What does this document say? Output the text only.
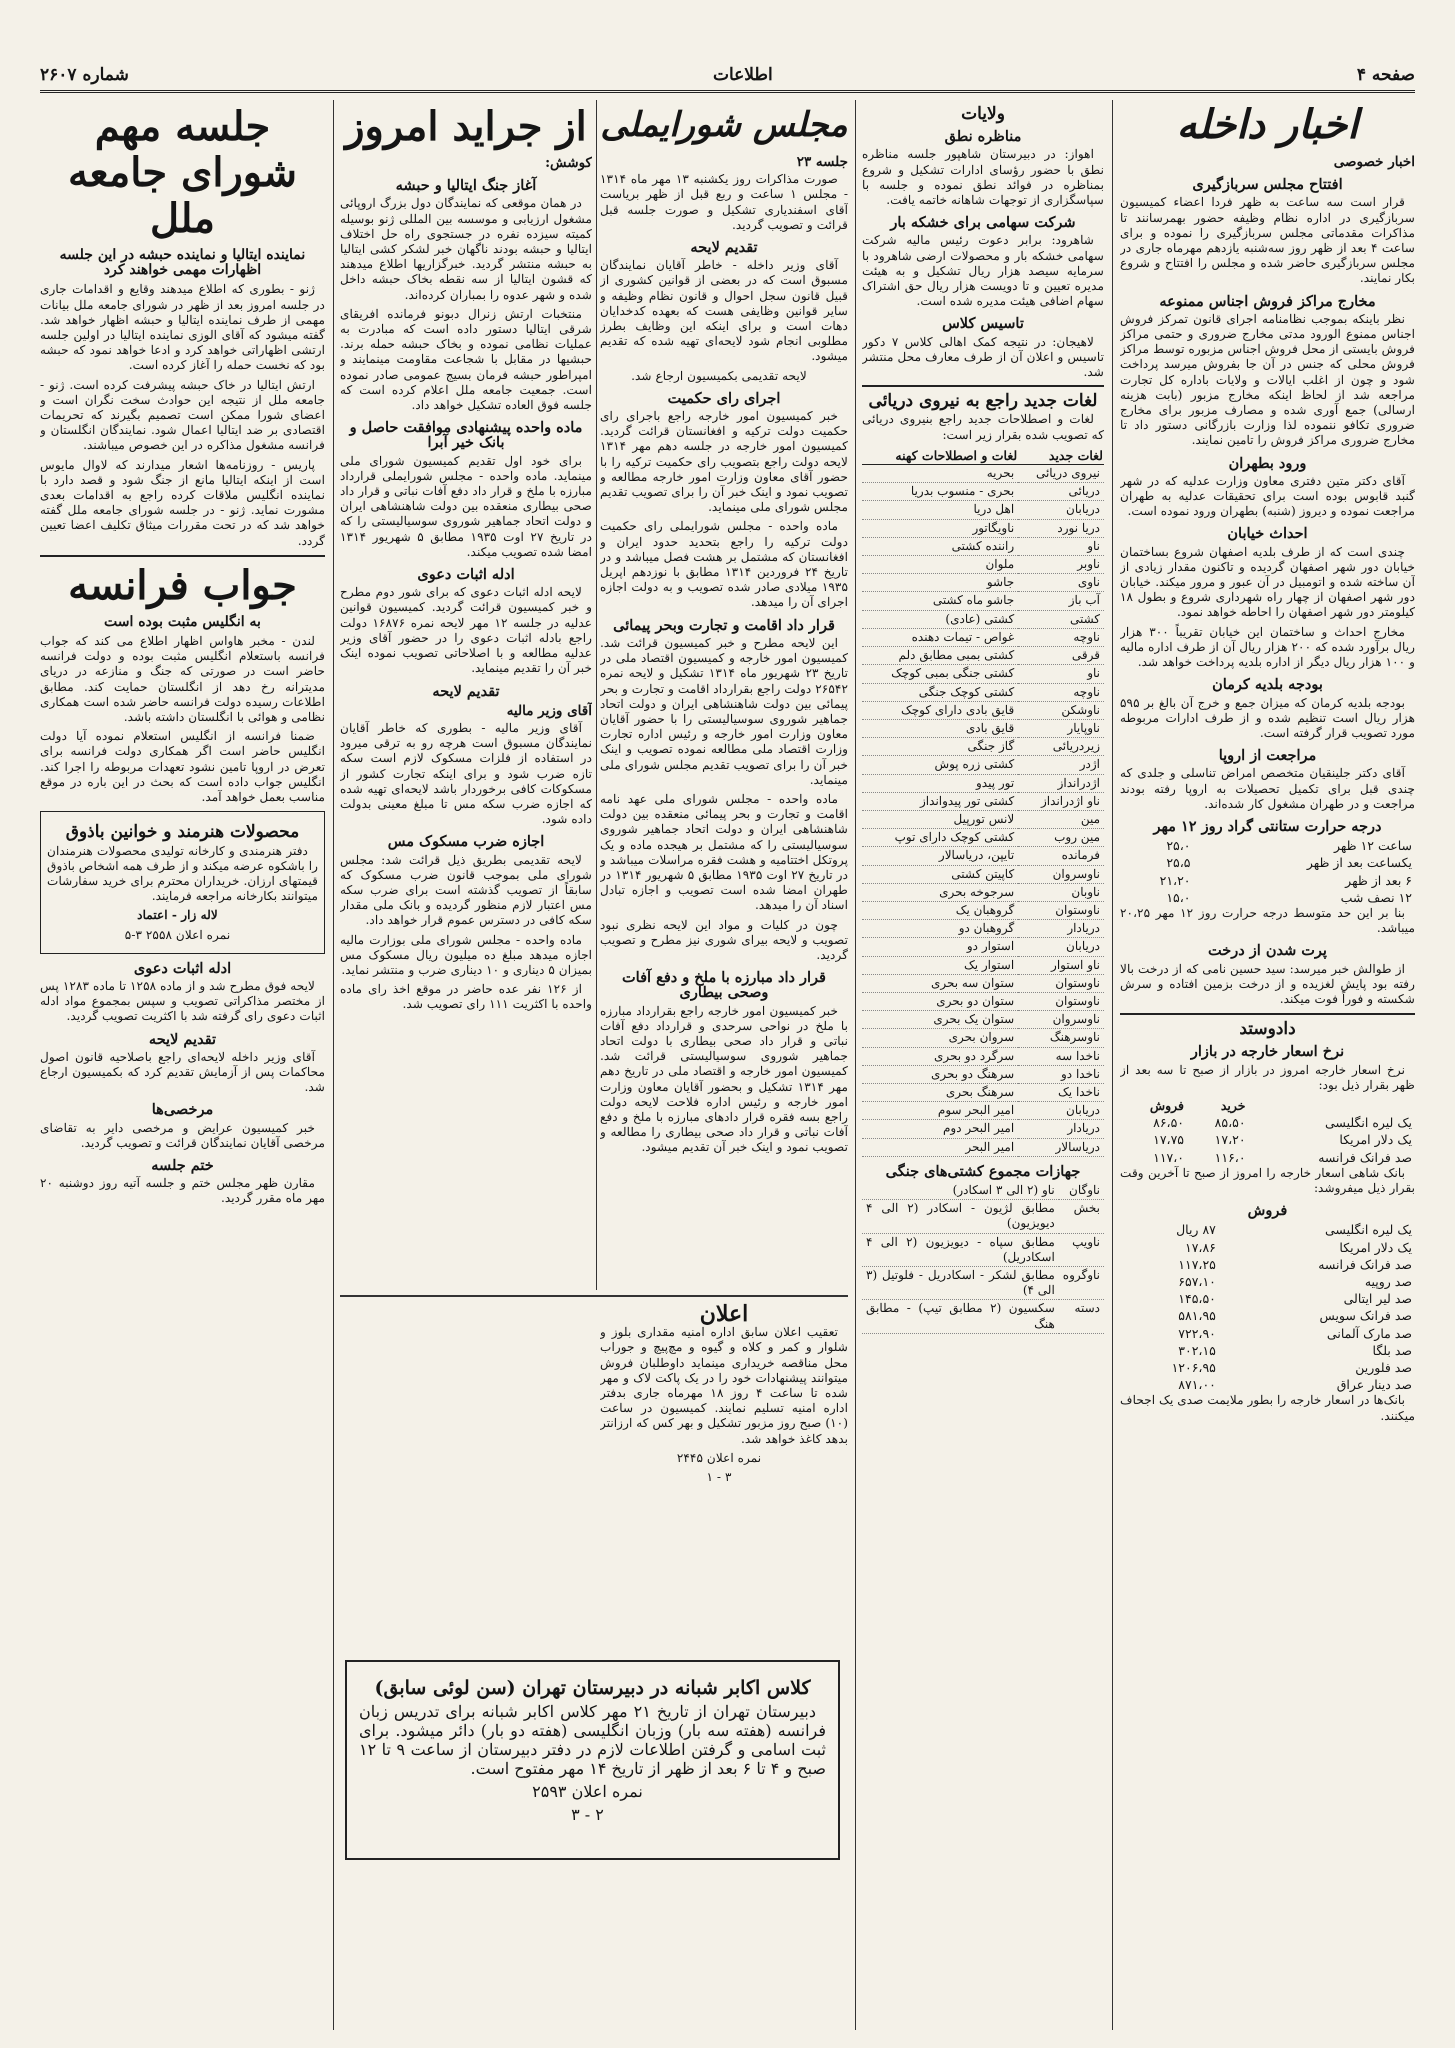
صفحه ۴
اطلاعات
شماره ۲۶۰۷
اخبار داخله
اخبار خصوصی
افتتاح مجلس سربازگیری

قرار است سه ساعت به ظهر فردا اعضاء کمیسیون سربازگیری در اداره نظام وظیفه حضور بهمرسانند تا مذاکرات مقدماتی مجلس سربازگیری را نموده و برای ساعت ۴ بعد از ظهر روز سه‌شنبه یازدهم مهرماه جاری در مجلس سربازگیری حاضر شده و مجلس را افتتاح و شروع بکار نمایند.

مخارج مراکز فروش اجناس ممنوعه

نظر باینکه بموجب نظامنامه اجرای قانون تمرکز فروش اجناس ممنوع الورود مدتی مخارج ضروری و حتمی مراکز فروش بایستی از محل فروش اجناس مزبوره توسط مراکز فروش محلی که جنس در آن جا بفروش میرسد پرداخت شود و چون از اغلب ایالات و ولایات باداره کل تجارت مراجعه شد از لحاظ اینکه مخارج مزبور (بابت هزینه ارسالی) جمع آوری شده و مصارف مزبور برای مخارج ضروری تکافو ننموده لذا وزارت بازرگانی دستور داد تا مخارج ضروری مراکز فروش را تامین نمایند.

ورود بطهران

آقای دکتر متین دفتری معاون وزارت عدلیه که در شهر گنبد قابوس بوده است برای تحقیقات عدلیه به طهران مراجعت نموده و دیروز (شنبه) بطهران ورود نموده است.

احداث خیابان

چندی است که از طرف بلدیه اصفهان شروع بساختمان خیابان دور شهر اصفهان گردیده و تاکنون مقدار زیادی از آن ساخته شده و اتومبیل در آن عبور و مرور میکند. خیابان دور شهر اصفهان از چهار راه شهرداری شروع و بطول ۱۸ کیلومتر دور شهر اصفهان را احاطه خواهد نمود.

مخارج احداث و ساختمان این خیابان تقریباً ۳۰۰ هزار ریال برآورد شده که ۲۰۰ هزار ریال آن از طرف اداره مالیه و ۱۰۰ هزار ریال دیگر از اداره بلدیه پرداخت خواهد شد.

بودجه بلدیه کرمان

بودجه بلدیه کرمان که میزان جمع و خرج آن بالغ بر ۵۹۵ هزار ریال است تنظیم شده و از طرف ادارات مربوطه مورد تصویب قرار گرفته است.

مراجعت از اروپا

آقای دکتر جلینقیان متخصص امراض تناسلی و جلدی که چندی قبل برای تکمیل تحصیلات به اروپا رفته بودند مراجعت و در طهران مشغول کار شده‌اند.

درجه حرارت ستانتی گراد روز ۱۲ مهر
ساعت ۱۲ ظهر	۲۵،۰
یکساعت بعد از ظهر	۲۵،۵
۶ بعد از ظهر	۲۱،۲۰
۱۲ نصف شب	۱۵،۰

بنا بر این حد متوسط درجه حرارت روز ۱۲ مهر ۲۰،۲۵ میباشد.

پرت شدن از درخت

از طوالش خبر میرسد: سید حسین نامی که از درخت بالا رفته بود پایش لغزیده و از درخت بزمین افتاده و سرش شکسته و فوراً فوت میکند.

دادوستد
نرخ اسعار خارجه در بازار

نرخ اسعار خارجه امروز در بازار از صبح تا سه بعد از ظهر بقرار ذیل بود:

	خرید	فروش
یک لیره انگلیسی	۸۵،۵۰	۸۶،۵۰
یک دلار امریکا	۱۷،۲۰	۱۷،۷۵
صد فرانک فرانسه	۱۱۶،۰	۱۱۷،۰

بانک شاهی اسعار خارجه را امروز از صبح تا آخرین وقت بقرار ذیل میفروشد:

فروش
یک لیره انگلیسی	۸۷ ریال
یک دلار امریکا	۱۷،۸۶
صد فرانک فرانسه	۱۱۷،۲۵
صد روپیه	۶۵۷،۱۰
صد لیر ایتالی	۱۴۵،۵۰
صد فرانک سویس	۵۸۱،۹۵
صد مارک آلمانی	۷۲۲،۹۰
صد بلگا	۳۰۲،۱۵
صد فلورین	۱۲۰۶،۹۵
صد دینار عراق	۸۷۱،۰۰

بانک‌ها در اسعار خارجه را بطور ملایمت صدی یک اجحاف میکنند.

ولایات
مناظره نطق

اهواز: در دبیرستان شاهپور جلسه مناظره نطق با حضور رؤسای ادارات تشکیل و شروع بمناظره در فوائد نطق نموده و جلسه با سپاسگزاری از توجهات شاهانه خاتمه یافت.

شرکت سهامی برای خشکه بار

شاهرود: برابر دعوت رئیس مالیه شرکت سهامی خشکه بار و محصولات ارضی شاهرود با سرمایه سیصد هزار ریال تشکیل و به هیئت مدیره تعیین و تا دویست هزار ریال حق اشتراک سهام اضافی هیئت مدیره شده است.

تاسیس کلاس

لاهیجان: در نتیجه کمک اهالی کلاس ۷ دکور تاسیس و اعلان آن از طرف معارف محل منتشر شد.

لغات جدید راجع به نیروی دریائی

لغات و اصطلاحات جدید راجع بنیروی دریائی که تصویب شده بقرار زیر است:

لغات جدید	لغات و اصطلاحات کهنه
نیروی دریائی	بحریه
دریائی	بحری - منسوب بدریا
دریابان	اهل دریا
دریا نورد	ناویگاتور
ناو	راننده کشتی
ناوبر	ملوان
ناوی	جاشو
آب باز	جاشو ماه کشتی
کشتی	کشتی (عادی)
ناوچه	غواص - تیمات دهنده
قرقی	کشتی بمبی مطابق دلم
ناو	کشتی جنگی بمبی کوچک
ناوچه	کشتی کوچک جنگی
ناوشکن	قایق بادی دارای کوچک
ناوپایار	قایق بادی
زیردریائی	گاز جنگی
اژدر	کشتی زره پوش
اژدرانداز	تور پیدو
ناو اژدرانداز	کشتی تور پیدوانداز
مین	لانس تورپیل
مین روب	کشتی کوچک دارای توپ
فرمانده	تایپن، دریاسالار
ناوسروان	کاپیتن کشتی
ناوبان	سرجوخه بحری
ناوستوان	گروهبان یک
دریادار	گروهبان دو
دریابان	استوار دو
ناو استوار	استوار یک
ناوستوان	ستوان سه بحری
ناوستوان	ستوان دو بحری
ناوسروان	ستوان یک بحری
ناوسرهنگ	سروان بحری
ناخدا سه	سرگرد دو بحری
ناخدا دو	سرهنگ دو بحری
ناخدا یک	سرهنگ بحری
دریابان	امیر البحر سوم
دریادار	امیر البحر دوم
دریاسالار	امیر البحر
جهازات مجموع کشتی‌های جنگی
ناوگان	ناو (۲ الی ۳ اسکادر)
بخش	مطابق لژیون - اسکادر (۲ الی ۴ دیویزیون)
ناویپ	مطابق سپاه - دیویزیون (۲ الی ۴ اسکادریل)
ناوگروه	مطابق لشکر - اسکادریل - فلوتیل (۳ الی ۴)
دسته	سکسیون (۲ مطابق تیپ) - مطابق هنگ
مجلس شورایملی
جلسه ۲۳

صورت مذاکرات روز یکشنبه ۱۳ مهر ماه ۱۳۱۴ - مجلس ۱ ساعت و ربع قبل از ظهر بریاست آقای اسفندیاری تشکیل و صورت جلسه قبل قرائت و تصویب گردید.

تقدیم لایحه

آقای وزیر داخله - خاطر آقایان نمایندگان مسبوق است که در بعضی از قوانین کشوری از قبیل قانون سجل احوال و قانون نظام وظیفه و سایر قوانین وظایفی هست که بعهده کدخدایان دهات است و برای اینکه این وظایف بطرز مطلوبی انجام شود لایحه‌ای تهیه شده که تقدیم میشود.

لایحه تقدیمی بکمیسیون ارجاع شد.

اجرای رای حکمیت

خبر کمیسیون امور خارجه راجع باجرای رای حکمیت دولت ترکیه و افغانستان قرائت گردید. کمیسیون امور خارجه در جلسه دهم مهر ۱۳۱۴ لایحه دولت راجع بتصویب رای حکمیت ترکیه را با حضور آقای معاون وزارت امور خارجه مطالعه و تصویب نمود و اینک خبر آن را برای تصویب تقدیم مجلس شورای ملی مینماید.

ماده واحده - مجلس شورایملی رای حکمیت دولت ترکیه را راجع بتحدید حدود ایران و افغانستان که مشتمل بر هشت فصل میباشد و در تاریخ ۲۴ فروردین ۱۳۱۴ مطابق با نوزدهم اپریل ۱۹۳۵ میلادی صادر شده تصویب و به دولت اجازه اجرای آن را میدهد.

قرار داد اقامت و تجارت وبحر پیمائی

این لایحه مطرح و خبر کمیسیون قرائت شد. کمیسیون امور خارجه و کمیسیون اقتصاد ملی در تاریخ ۲۳ شهریور ماه ۱۳۱۴ تشکیل و لایحه نمره ۲۶۵۴۲ دولت راجع بقرارداد اقامت و تجارت و بحر پیمائی بین دولت شاهنشاهی ایران و دولت اتحاد جماهیر شوروی سوسیالیستی را با حضور آقایان معاون وزارت امور خارجه و رئیس اداره تجارت وزارت اقتصاد ملی مطالعه نموده تصویب و اینک خبر آن را برای تصویب تقدیم مجلس شورای ملی مینماید.

ماده واحده - مجلس شورای ملی عهد نامه اقامت و تجارت و بحر پیمائی منعقده بین دولت شاهنشاهی ایران و دولت اتحاد جماهیر شوروی سوسیالیستی را که مشتمل بر هیجده ماده و یک پروتکل اختتامیه و هشت فقره مراسلات میباشد و در تاریخ ۲۷ اوت ۱۹۳۵ مطابق ۵ شهریور ۱۳۱۴ در طهران امضا شده است تصویب و اجازه تبادل اسناد آن را میدهد.

چون در کلیات و مواد این لایحه نظری نبود تصویب و لایحه بیرای شوری نیز مطرح و تصویب گردید.

قرار داد مبارزه با ملخ و دفع آفات وصحی بیطاری

خبر کمیسیون امور خارجه راجع بقرارداد مبارزه با ملخ در نواحی سرحدی و قرارداد دفع آفات نباتی و قرار داد صحی بیطاری با دولت اتحاد جماهیر شوروی سوسیالیستی قرائت شد. کمیسیون امور خارجه و اقتصاد ملی در تاریخ دهم مهر ۱۳۱۴ تشکیل و بحضور آقایان معاون وزارت امور خارجه و رئیس اداره فلاحت لایحه دولت راجع بسه فقره قرار دادهای مبارزه با ملخ و دفع آفات نباتی و قرار داد صحی بیطاری را مطالعه و تصویب نمود و اینک خبر آن تقدیم میشود.

از جراید امروز
کوشش:
آغاز جنگ ایتالیا و حبشه

در همان موقعی که نمایندگان دول بزرگ اروپائی مشغول ارزیابی و موسسه بین المللی ژنو بوسیله کمیته سیزده نفره در جستجوی راه حل اختلاف ایتالیا و حبشه بودند ناگهان خبر لشکر کشی ایتالیا به حبشه منتشر گردید. خبرگزاریها اطلاع میدهند که قشون ایتالیا از سه نقطه بخاک حبشه داخل شده و شهر عدوه را بمباران کرده‌اند.

منتخبات ارتش زنرال دبونو فرمانده افریقای شرقی ایتالیا دستور داده است که مبادرت به عملیات نظامی نموده و بخاک حبشه حمله برند. حبشیها در مقابل با شجاعت مقاومت مینمایند و امپراطور حبشه فرمان بسیج عمومی صادر نموده است. جمعیت جامعه ملل اعلام کرده است که جلسه فوق العاده تشکیل خواهد داد.

ماده واحده پیشنهادی موافقت حاصل و بانک خیر آبرا

برای خود اول تقدیم کمیسیون شورای ملی مینماید. ماده واحده - مجلس شورایملی قرارداد مبارزه با ملخ و قرار داد دفع آفات نباتی و قرار داد صحی بیطاری منعقده بین دولت شاهنشاهی ایران و دولت اتحاد جماهیر شوروی سوسیالیستی را که در تاریخ ۲۷ اوت ۱۹۳۵ مطابق ۵ شهریور ۱۳۱۴ امضا شده تصویب میکند.

ادله اثبات دعوی

لایحه ادله اثبات دعوی که برای شور دوم مطرح و خبر کمیسیون قرائت گردید. کمیسیون قوانین عدلیه در جلسه ۱۲ مهر لایحه نمره ۱۶۸۷۶ دولت راجع بادله اثبات دعوی را در حضور آقای وزیر عدلیه مطالعه و با اصلاحاتی تصویب نموده اینک خبر آن را تقدیم مینماید.

تقدیم لایحه
آقای وزیر مالیه

آقای وزیر مالیه - بطوری که خاطر آقایان نمایندگان مسبوق است هرچه رو به ترقی میرود در استفاده از فلزات مسکوک لازم است سکه تازه ضرب شود و برای اینکه تجارت کشور از مسکوکات کافی برخوردار باشد لایحه‌ای تهیه شده که اجازه ضرب سکه مس تا مبلغ معینی بدولت داده شود.

اجازه ضرب مسکوک مس

لایحه تقدیمی بطریق ذیل قرائت شد: مجلس شورای ملی بموجب قانون ضرب مسکوک که سابقاً از تصویب گذشته است برای ضرب سکه مس اعتبار لازم منظور گردیده و بانک ملی مقدار سکه کافی در دسترس عموم قرار خواهد داد.

ماده واحده - مجلس شورای ملی بوزارت مالیه اجازه میدهد مبلغ ده میلیون ریال مسکوک مس بمیزان ۵ دیناری و ۱۰ دیناری ضرب و منتشر نماید.

از ۱۲۶ نفر عده حاضر در موقع اخذ رای ماده واحده با اکثریت ۱۱۱ رای تصویب شد.

اعلان

تعقیب اعلان سابق اداره امنیه مقداری بلوز و شلوار و کمر و کلاه و گیوه و مچ‌پیچ و جوراب محل مناقصه خریداری مینماید داوطلبان فروش میتوانند پیشنهادات خود را در یک پاکت لاک و مهر شده تا ساعت ۴ روز ۱۸ مهرماه جاری بدفتر اداره امنیه تسلیم نمایند. کمیسیون در ساعت (۱۰) صبح روز مزبور تشکیل و بهر کس که ارزانتر بدهد کاغذ خواهد شد.

نمره اعلان ۲۴۴۵

۳ - ۱

کلاس اکابر شبانه در دبیرستان تهران (سن لوئی سابق)

دبیرستان تهران از تاریخ ۲۱ مهر کلاس اکابر شبانه برای تدریس زبان فرانسه (هفته سه بار) وزبان انگلیسی (هفته دو بار) دائر میشود. برای ثبت اسامی و گرفتن اطلاعات لازم در دفتر دبیرستان از ساعت ۹ تا ۱۲ صبح و ۴ تا ۶ بعد از ظهر از تاریخ ۱۴ مهر مفتوح است.

نمره اعلان ۲۵۹۳

۲ - ۳

جلسه مهم شورای جامعه ملل
نماینده ایتالیا و نماینده حبشه در این جلسه اظهارات مهمی خواهند کرد

ژنو - بطوری که اطلاع میدهند وقایع و اقدامات جاری در جلسه امروز بعد از ظهر در شورای جامعه ملل بیانات مهمی از طرف نماینده ایتالیا و حبشه اظهار خواهد شد. گفته میشود که آقای الوزی نماینده ایتالیا در اولین جلسه ارتشی اظهاراتی خواهد کرد و ادعا خواهد نمود که حبشه بود که نخست حمله را آغاز کرده است.

ارتش ایتالیا در خاک حبشه پیشرفت کرده است. ژنو - جامعه ملل از نتیجه این حوادث سخت نگران است و اعضای شورا ممکن است تصمیم بگیرند که تحریمات اقتصادی بر ضد ایتالیا اعمال شود. نمایندگان انگلستان و فرانسه مشغول مذاکره در این خصوص میباشند.

پاریس - روزنامه‌ها اشعار میدارند که لاوال مایوس است از اینکه ایتالیا مانع از جنگ شود و قصد دارد با نماینده انگلیس ملاقات کرده راجع به اقدامات بعدی مشورت نماید. ژنو - در جلسه شورای جامعه ملل گفته خواهد شد که در تحت مقررات میثاق تکلیف اعضا تعیین گردد.

جواب فرانسه
به انگلیس مثبت بوده است

لندن - مخبر هاواس اظهار اطلاع می کند که جواب فرانسه باستعلام انگلیس مثبت بوده و دولت فرانسه حاضر است در صورتی که جنگ و منازعه در دریای مدیترانه رخ دهد از انگلستان حمایت کند. مطابق اطلاعات رسیده دولت فرانسه حاضر شده است همکاری نظامی و هوائی با انگلستان داشته باشد.

ضمنا فرانسه از انگلیس استعلام نموده آیا دولت انگلیس حاضر است اگر همکاری دولت فرانسه برای تعرض در اروپا تامین نشود تعهدات مربوطه را اجرا کند. انگلیس جواب داده است که بحث در این باره در موقع مناسب بعمل خواهد آمد.

محصولات هنرمند و خوانین باذوق

دفتر هنرمندی و کارخانه تولیدی محصولات هنرمندان را باشکوه عرضه میکند و از طرف همه اشخاص باذوق قیمتهای ارزان. خریداران محترم برای خرید سفارشات میتوانند بکارخانه مراجعه فرمایند.

لاله زار - اعتماد

نمره اعلان ۲۵۵۸ ۳-۵

ادله اثبات دعوی

لایحه فوق مطرح شد و از ماده ۱۲۵۸ تا ماده ۱۲۸۳ پس از مختصر مذاکراتی تصویب و سپس بمجموع مواد ادله اثبات دعوی رای گرفته شد با اکثریت تصویب گردید.

تقدیم لایحه

آقای وزیر داخله لایحه‌ای راجع باصلاحیه قانون اصول محاکمات پس از آزمایش تقدیم کرد که بکمیسیون ارجاع شد.

مرخصی‌ها

خبر کمیسیون عرایض و مرخصی دایر به تقاضای مرخصی آقایان نمایندگان قرائت و تصویب گردید.

ختم جلسه

مقارن ظهر مجلس ختم و جلسه آتیه روز دوشنبه ۲۰ مهر ماه مقرر گردید.
